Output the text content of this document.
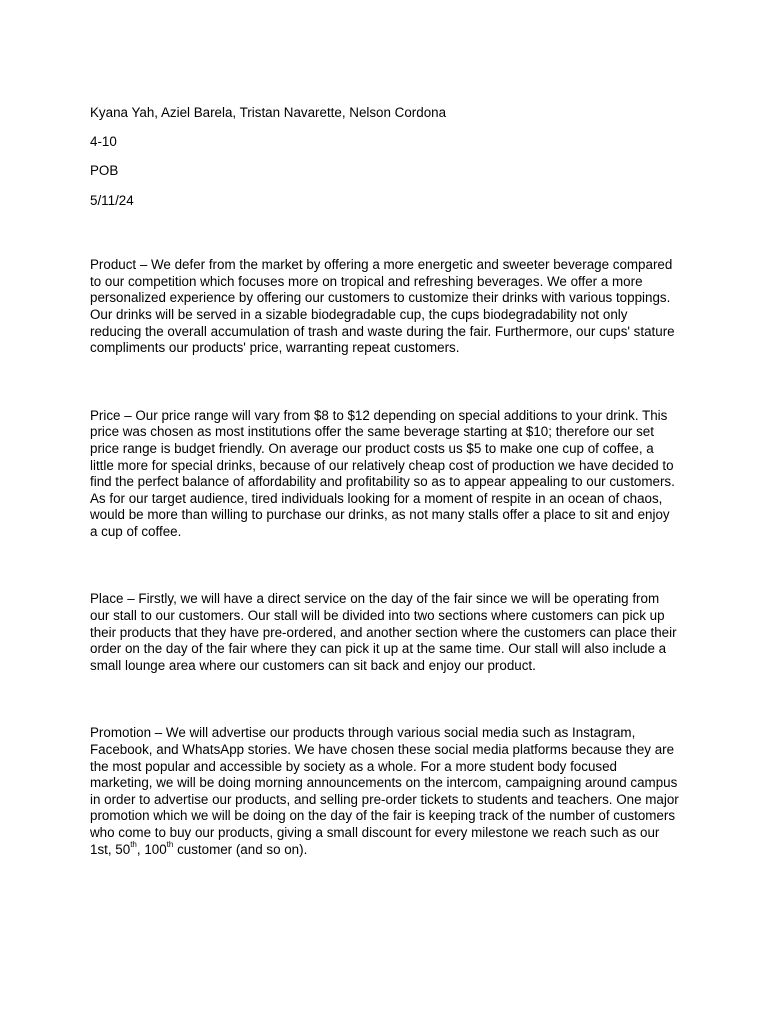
Kyana Yah, Aziel Barela, Tristan Navarette, Nelson Cordona

4-10

POB

5/11/24

Product – We defer from the market by offering a more energetic and sweeter beverage compared to our competition which focuses more on tropical and refreshing beverages. We offer a more personalized experience by offering our customers to customize their drinks with various toppings. Our drinks will be served in a sizable biodegradable cup, the cups biodegradability not only reducing the overall accumulation of trash and waste during the fair. Furthermore, our cups' stature compliments our products' price, warranting repeat customers.

Price – Our price range will vary from $8 to $12 depending on special additions to your drink. This price was chosen as most institutions offer the same beverage starting at $10; therefore our set price range is budget friendly. On average our product costs us $5 to make one cup of coffee, a little more for special drinks, because of our relatively cheap cost of production we have decided to find the perfect balance of affordability and profitability so as to appear appealing to our customers. As for our target audience, tired individuals looking for a moment of respite in an ocean of chaos, would be more than willing to purchase our drinks, as not many stalls offer a place to sit and enjoy a cup of coffee.

Place – Firstly, we will have a direct service on the day of the fair since we will be operating from our stall to our customers. Our stall will be divided into two sections where customers can pick up their products that they have pre-ordered, and another section where the customers can place their order on the day of the fair where they can pick it up at the same time. Our stall will also include a small lounge area where our customers can sit back and enjoy our product.

Promotion – We will advertise our products through various social media such as Instagram, Facebook, and WhatsApp stories. We have chosen these social media platforms because they are the most popular and accessible by society as a whole. For a more student body focused marketing, we will be doing morning announcements on the intercom, campaigning around campus in order to advertise our products, and selling pre-order tickets to students and teachers. One major promotion which we will be doing on the day of the fair is keeping track of the number of customers who come to buy our products, giving a small discount for every milestone we reach such as our 1st, 50th, 100th customer (and so on).
